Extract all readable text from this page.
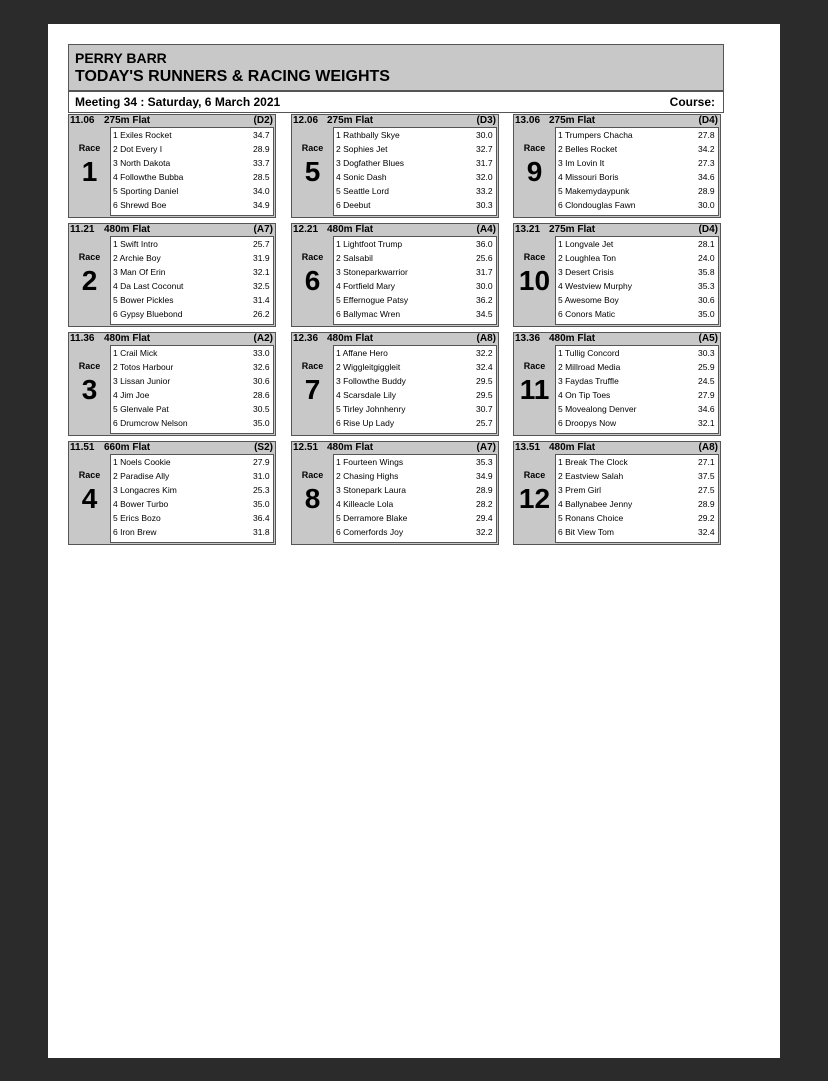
PERRY BARR
TODAY'S RUNNERS & RACING WEIGHTS
Meeting 34 : Saturday, 6 March 2021	Course:
11.06 275m Flat	(D2)
Race
1
1 Exiles Rocket	34.7
2 Dot Every I	28.9
3 North Dakota	33.7
4 Followthe Bubba	28.5
5 Sporting Daniel	34.0
6 Shrewd Boe	34.9
11.21 480m Flat	(A7)
Race
2
1 Swift Intro	25.7
2 Archie Boy	31.9
3 Man Of Erin	32.1
4 Da Last Coconut	32.5
5 Bower Pickles	31.4
6 Gypsy Bluebond	26.2
11.36 480m Flat	(A2)
Race
3
1 Crail Mick	33.0
2 Totos Harbour	32.6
3 Lissan Junior	30.6
4 Jim Joe	28.6
5 Glenvale Pat	30.5
6 Drumcrow Nelson	35.0
11.51 660m Flat	(S2)
Race
4
1 Noels Cookie	27.9
2 Paradise Ally	31.0
3 Longacres Kim	25.3
4 Bower Turbo	35.0
5 Erics Bozo	36.4
6 Iron Brew	31.8
12.06 275m Flat	(D3)
Race
5
1 Rathbally Skye	30.0
2 Sophies Jet	32.7
3 Dogfather Blues	31.7
4 Sonic Dash	32.0
5 Seattle Lord	33.2
6 Deebut	30.3
12.21 480m Flat	(A4)
Race
6
1 Lightfoot Trump	36.0
2 Salsabil	25.6
3 Stoneparkwarrior	31.7
4 Fortfield Mary	30.0
5 Effernogue Patsy	36.2
6 Ballymac Wren	34.5
12.36 480m Flat	(A8)
Race
7
1 Affane Hero	32.2
2 Wiggleitgiggleit	32.4
3 Followthe Buddy	29.5
4 Scarsdale Lily	29.5
5 Tirley Johnhenry	30.7
6 Rise Up Lady	25.7
12.51 480m Flat	(A7)
Race
8
1 Fourteen Wings	35.3
2 Chasing Highs	34.9
3 Stonepark Laura	28.9
4 Killeacle Lola	28.2
5 Derramore Blake	29.4
6 Comerfords Joy	32.2
13.06 275m Flat	(D4)
Race
9
1 Trumpers Chacha	27.8
2 Belles Rocket	34.2
3 Im Lovin It	27.3
4 Missouri Boris	34.6
5 Makemydaypunk	28.9
6 Clondouglas Fawn	30.0
13.21 275m Flat	(D4)
Race
10
1 Longvale Jet	28.1
2 Loughlea Ton	24.0
3 Desert Crisis	35.8
4 Westview Murphy	35.3
5 Awesome Boy	30.6
6 Conors Matic	35.0
13.36 480m Flat	(A5)
Race
11
1 Tullig Concord	30.3
2 Millroad Media	25.9
3 Faydas Truffle	24.5
4 On Tip Toes	27.9
5 Movealong Denver	34.6
6 Droopys Now	32.1
13.51 480m Flat	(A8)
Race
12
1 Break The Clock	27.1
2 Eastview Salah	37.5
3 Prem Girl	27.5
4 Ballynabee Jenny	28.9
5 Ronans Choice	29.2
6 Bit View Tom	32.4
